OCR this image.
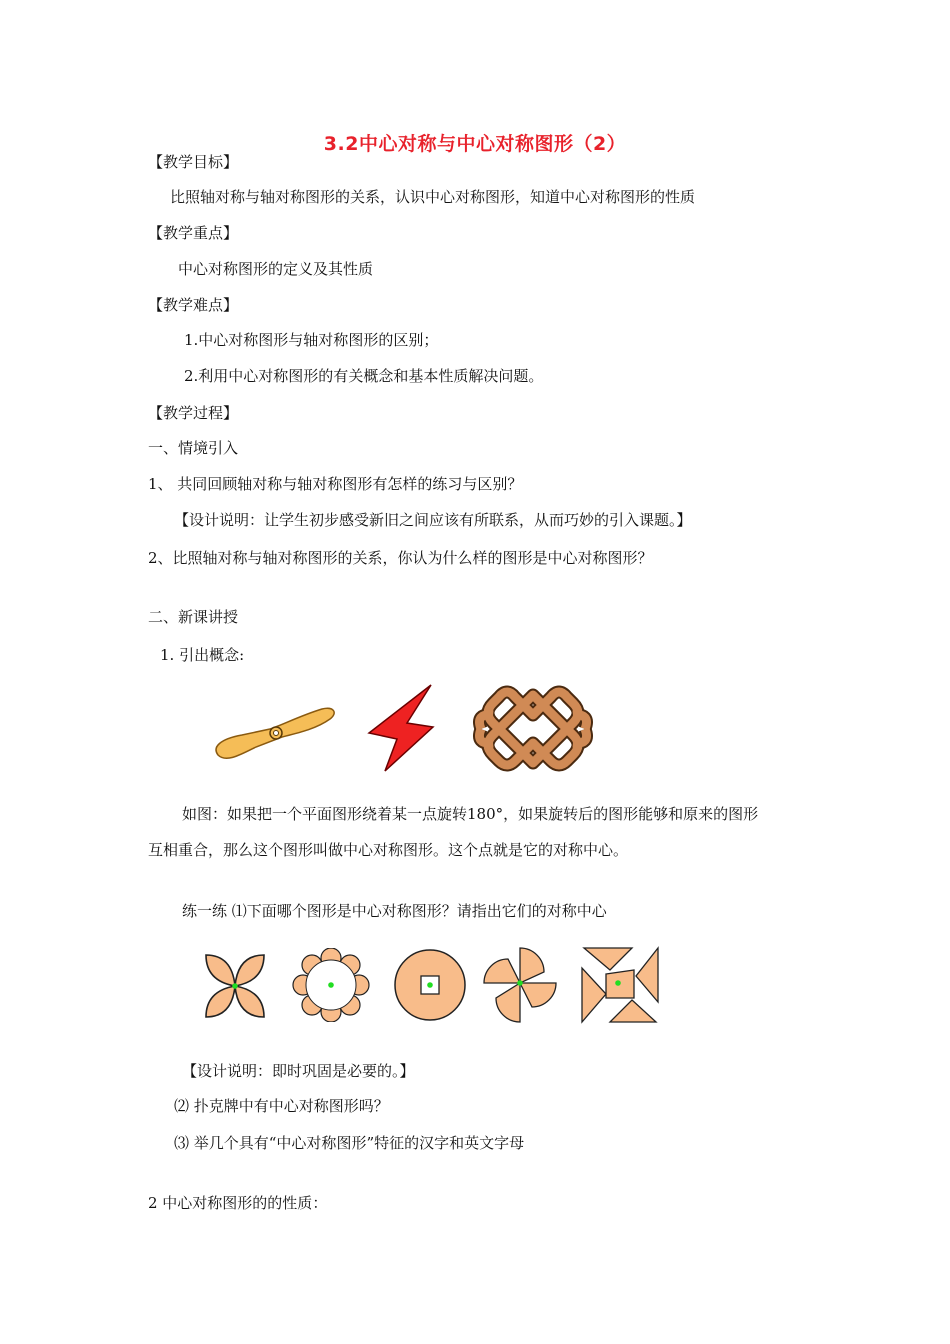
3.2中心对称与中心对称图形（2）
【教学目标】
比照轴对称与轴对称图形的关系，认识中心对称图形，知道中心对称图形的性质
【教学重点】
中心对称图形的定义及其性质
【教学难点】
1.中心对称图形与轴对称图形的区别；
2.利用中心对称图形的有关概念和基本性质解决问题。
【教学过程】
一、情境引入
1、 共同回顾轴对称与轴对称图形有怎样的练习与区别？
【设计说明：让学生初步感受新旧之间应该有所联系，从而巧妙的引入课题。】
2、比照轴对称与轴对称图形的关系，你认为什么样的图形是中心对称图形？
二、新课讲授
1. 引出概念:
如图：如果把一个平面图形绕着某一点旋转180°，如果旋转后的图形能够和原来的图形
互相重合，那么这个图形叫做中心对称图形。这个点就是它的对称中心。
练一练 ⑴下面哪个图形是中心对称图形？请指出它们的对称中心
【设计说明：即时巩固是必要的。】
⑵ 扑克牌中有中心对称图形吗？
⑶ 举几个具有“中心对称图形”特征的汉字和英文字母
2 中心对称图形的的性质：
